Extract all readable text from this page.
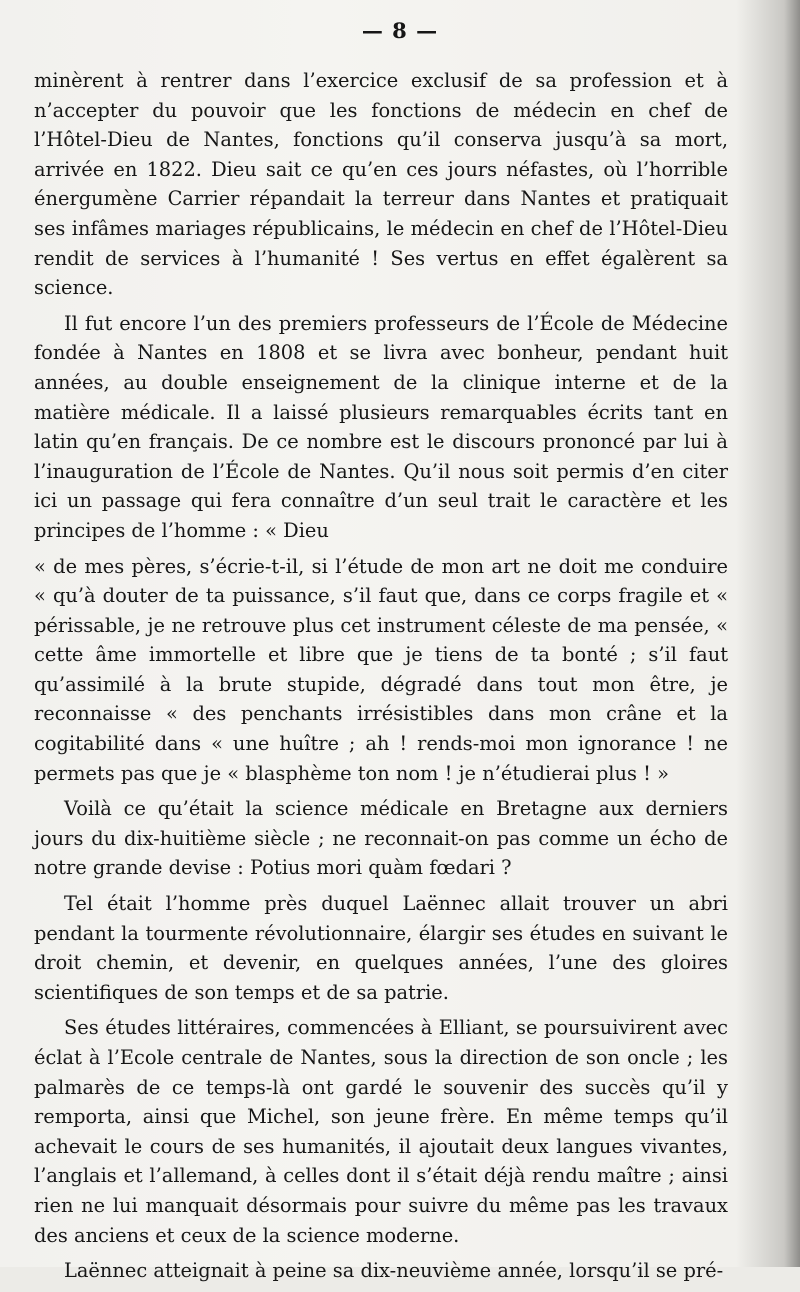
— 8 —

minèrent à rentrer dans l’exercice exclusif de sa profession et à n’accepter du pouvoir que les fonctions de médecin en chef de l’Hôtel-Dieu de Nantes, fonctions qu’il conserva jusqu’à sa mort, arrivée en 1822. Dieu sait ce qu’en ces jours néfastes, où l’horrible énergumène Carrier répandait la terreur dans Nantes et pratiquait ses infâmes mariages républicains, le médecin en chef de l’Hôtel-Dieu rendit de services à l’humanité ! Ses vertus en effet égalèrent sa science.

Il fut encore l’un des premiers professeurs de l’École de Médecine fondée à Nantes en 1808 et se livra avec bonheur, pendant huit années, au double enseignement de la clinique interne et de la matière médicale. Il a laissé plusieurs remarquables écrits tant en latin qu’en français. De ce nombre est le discours prononcé par lui à l’inauguration de l’École de Nantes. Qu’il nous soit permis d’en citer ici un passage qui fera connaître d’un seul trait le caractère et les principes de l’homme : « Dieu

« de mes pères, s’écrie-t-il, si l’étude de mon art ne doit me conduire « qu’à douter de ta puissance, s’il faut que, dans ce corps fragile et « périssable, je ne retrouve plus cet instrument céleste de ma pensée, « cette âme immortelle et libre que je tiens de ta bonté ; s’il faut qu’assimilé à la brute stupide, dégradé dans tout mon être, je reconnaisse « des penchants irrésistibles dans mon crâne et la cogitabilité dans « une huître ; ah ! rends-moi mon ignorance ! ne permets pas que je « blasphème ton nom ! je n’étudierai plus ! »

Voilà ce qu’était la science médicale en Bretagne aux derniers jours du dix-huitième siècle ; ne reconnait-on pas comme un écho de notre grande devise : Potius mori quàm fœdari ?

Tel était l’homme près duquel Laënnec allait trouver un abri pendant la tourmente révolutionnaire, élargir ses études en suivant le droit chemin, et devenir, en quelques années, l’une des gloires scientifiques de son temps et de sa patrie.

Ses études littéraires, commencées à Elliant, se poursuivirent avec éclat à l’Ecole centrale de Nantes, sous la direction de son oncle ; les palmarès de ce temps-là ont gardé le souvenir des succès qu’il y remporta, ainsi que Michel, son jeune frère. En même temps qu’il achevait le cours de ses humanités, il ajoutait deux langues vivantes, l’anglais et l’allemand, à celles dont il s’était déjà rendu maître ; ainsi rien ne lui manquait désormais pour suivre du même pas les travaux des anciens et ceux de la science moderne.

Laënnec atteignait à peine sa dix-neuvième année, lorsqu’il se pré-
